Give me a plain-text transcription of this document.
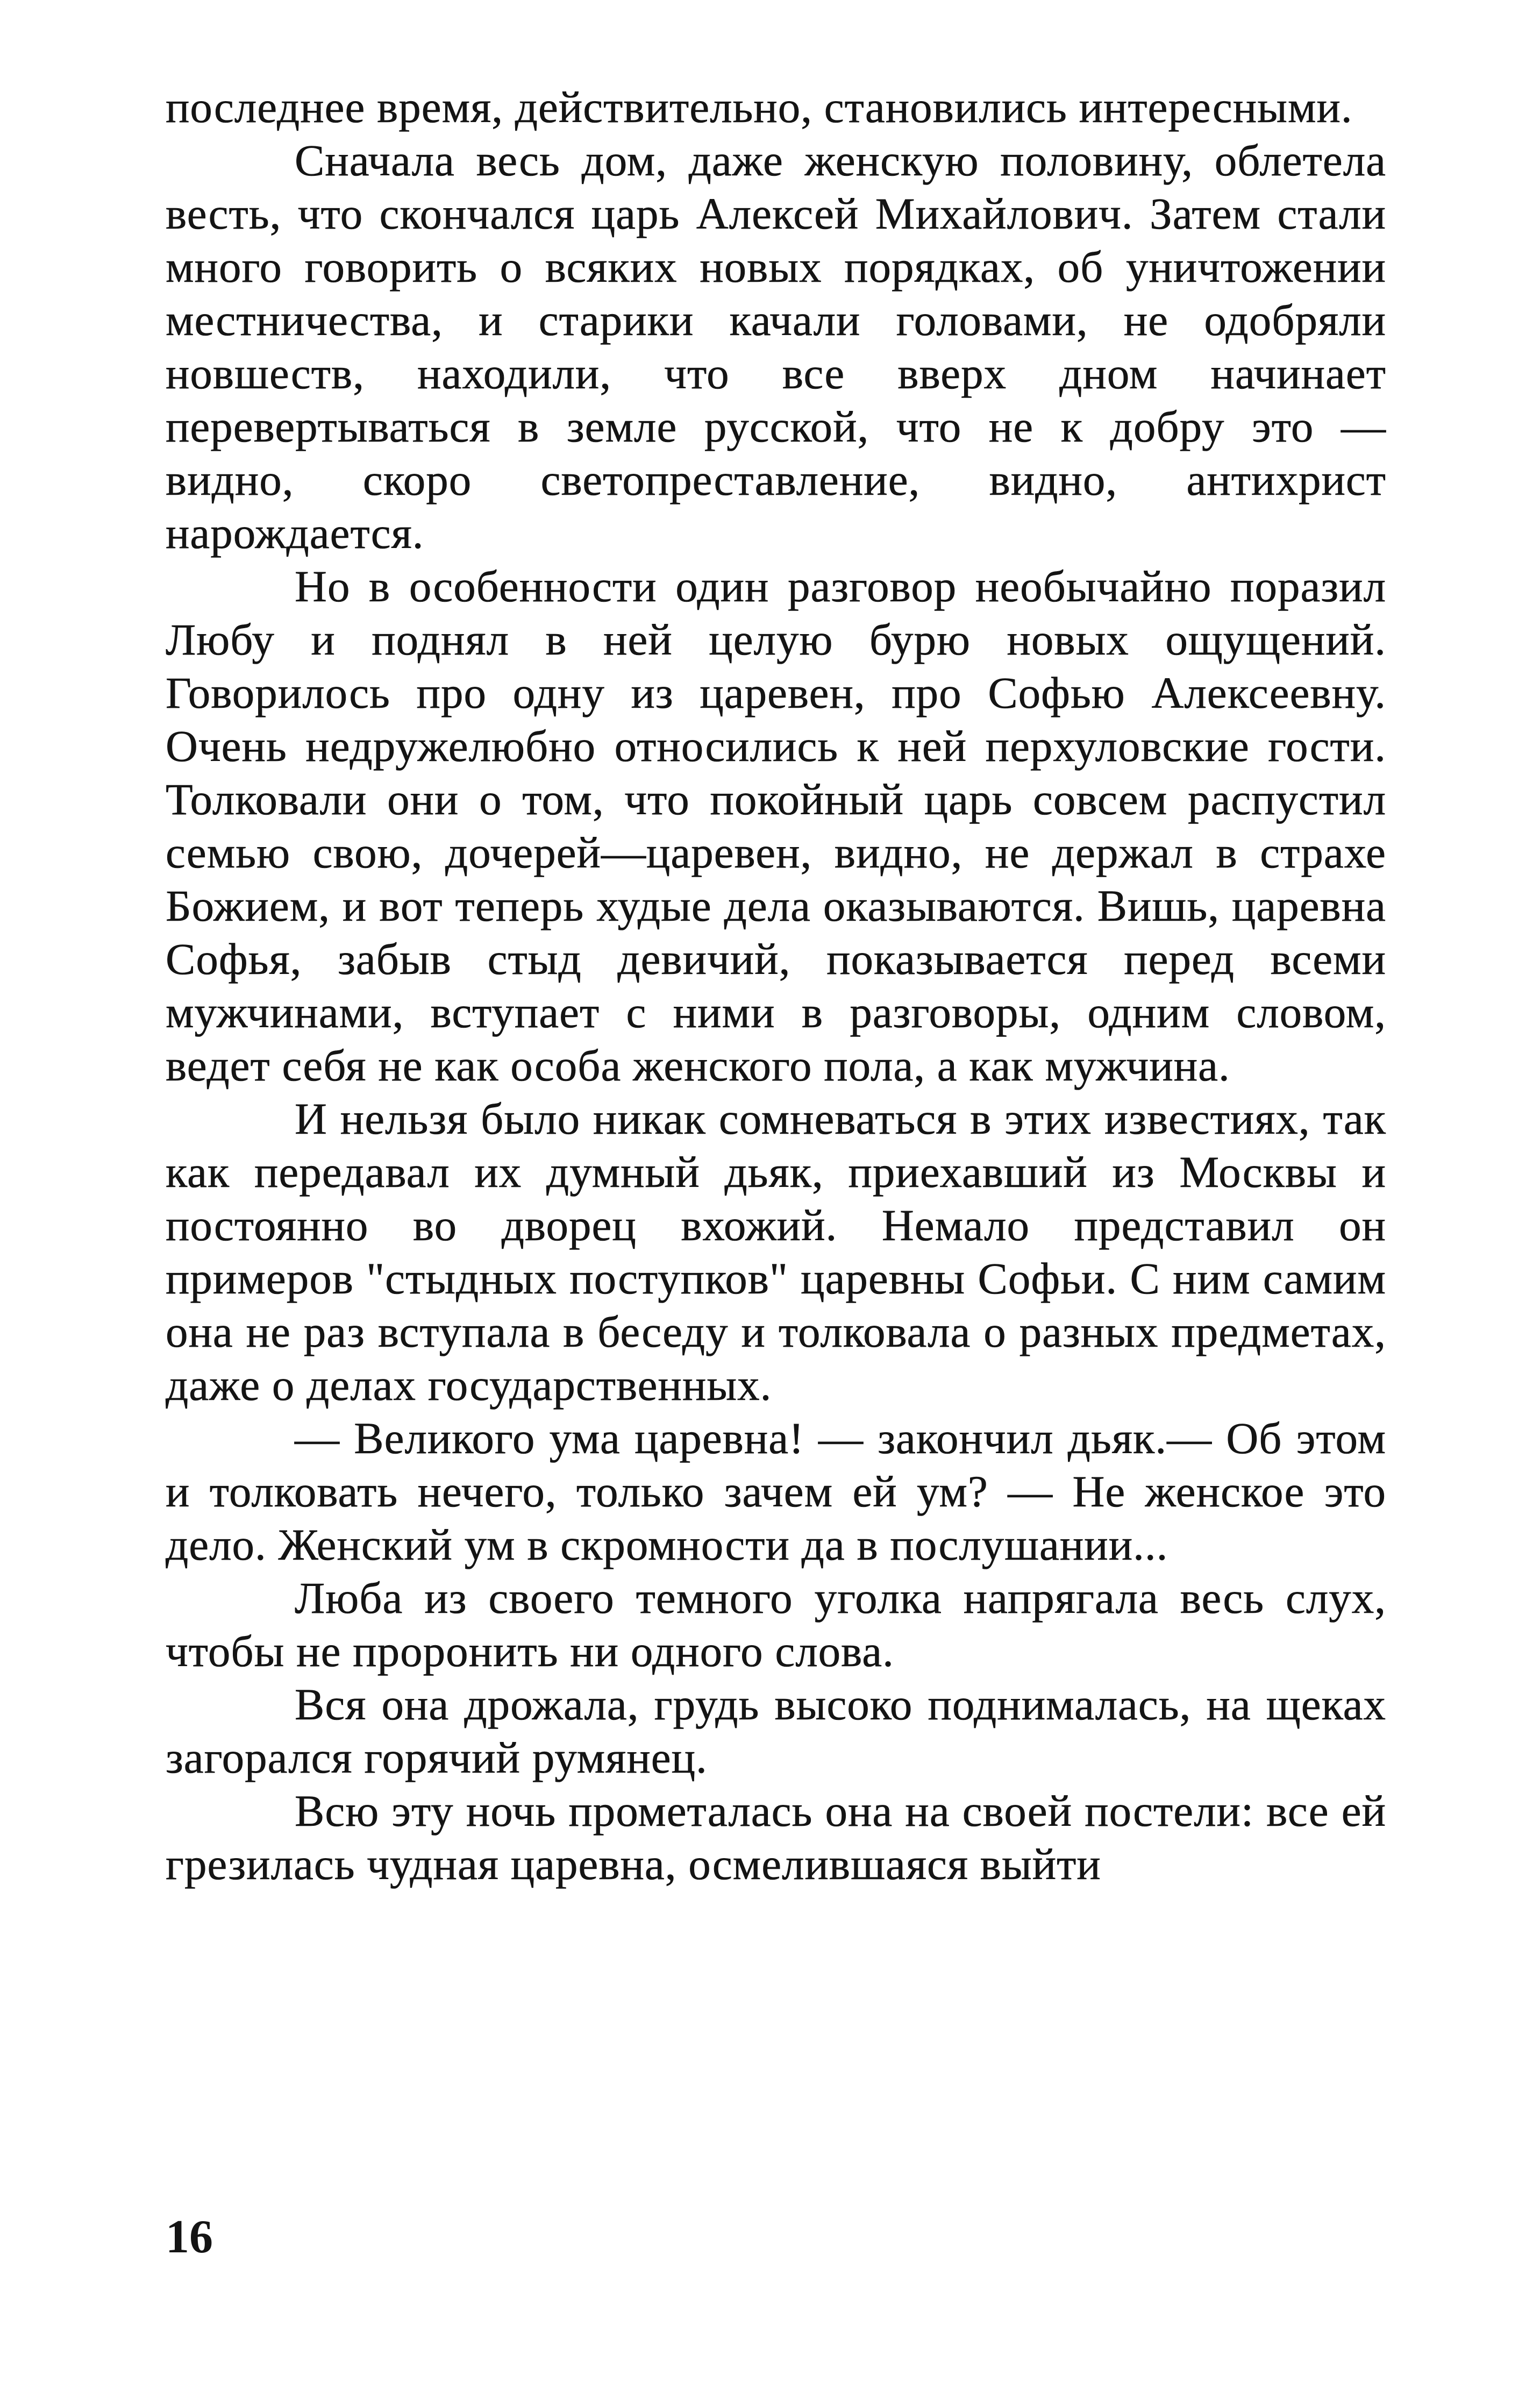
последнее время, действительно, становились интересными.

Сначала весь дом, даже женскую половину, облетела весть, что скончался царь Алексей Михайлович. Затем стали много говорить о всяких новых порядках, об уничтожении местничества, и старики качали головами, не одобряли новшеств, находили, что все вверх дном начинает перевертываться в земле русской, что не к добру это — видно, скоро светопреставление, видно, антихрист нарождается.

Но в особенности один разговор необычайно поразил Любу и поднял в ней целую бурю новых ощущений. Говорилось про одну из царевен, про Софью Алексеевну. Очень недружелюбно относились к ней перхуловские гости. Толковали они о том, что покойный царь совсем распустил семью свою, дочерей—царевен, видно, не держал в страхе Божием, и вот теперь худые дела оказываются. Вишь, царевна Софья, забыв стыд девичий, показывается перед всеми мужчинами, вступает с ними в разговоры, одним словом, ведет себя не как особа женского пола, а как мужчина.

И нельзя было никак сомневаться в этих известиях, так как передавал их думный дьяк, приехавший из Москвы и постоянно во дворец вхожий. Немало представил он примеров "стыдных поступков" царевны Софьи. С ним самим она не раз вступала в беседу и толковала о разных предметах, даже о делах государственных.

— Великого ума царевна! — закончил дьяк.— Об этом и толковать нечего, только зачем ей ум? — Не женское это дело. Женский ум в скромности да в послушании...

Люба из своего темного уголка напрягала весь слух, чтобы не проронить ни одного слова.

Вся она дрожала, грудь высоко поднималась, на щеках загорался горячий румянец.

Всю эту ночь прометалась она на своей постели: все ей грезилась чудная царевна, осмелившаяся выйти

16
